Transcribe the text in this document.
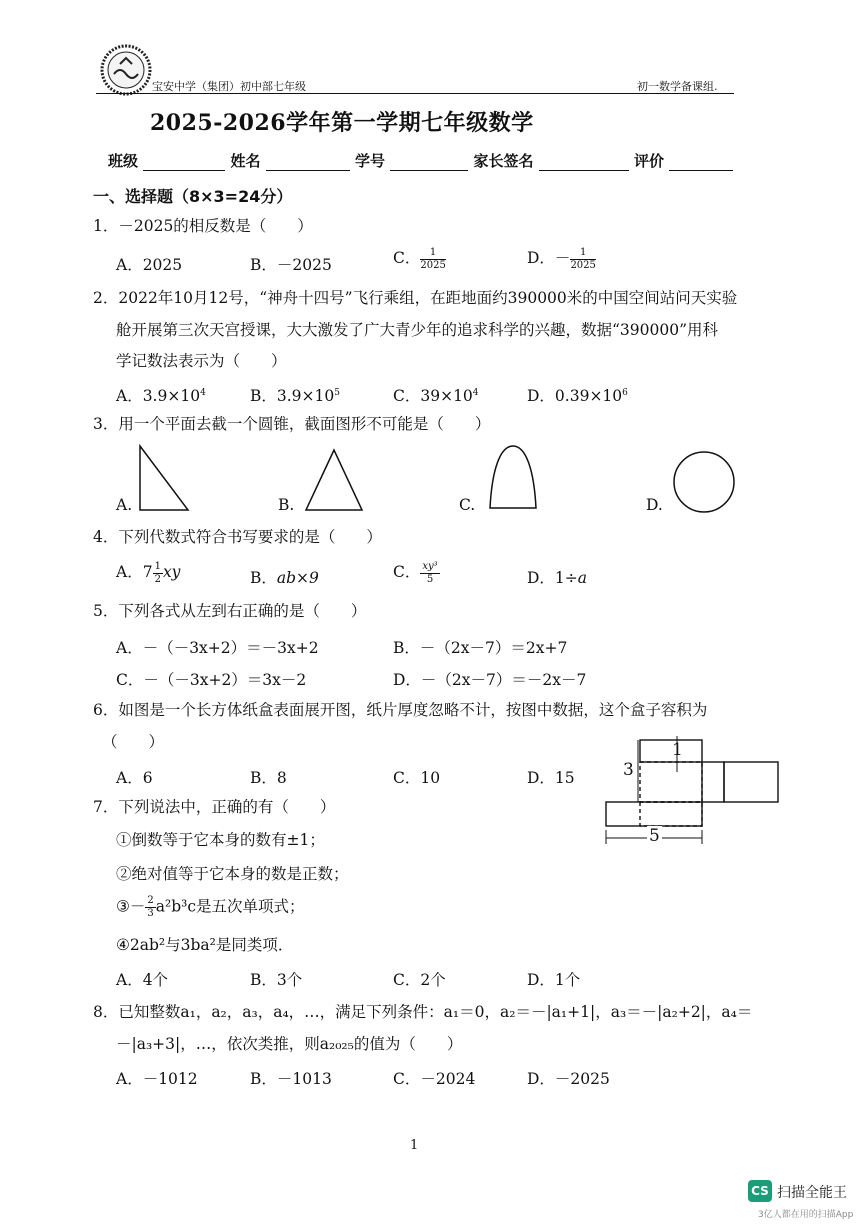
宝安中学（集团）初中部七年级	初一数学备课组.
2025-2026学年第一学期七年级数学
班级	姓名	学号	家长签名	评价
一、选择题（8×3=24分）
1．－2025的相反数是（　　）
A．2025	B．－2025	C． $\frac{1}{2025}$	D．－ $\frac{1}{2025}$
2．2022年10月12号，“神舟十四号”飞行乘组，在距地面约390000米的中国空间站问天实验
舱开展第三次天宫授课，大大激发了广大青少年的追求科学的兴趣，数据“390000”用科
学记数法表示为（　　）
A．$3.9\times 10^4$	B．$3.9\times 10^5$	C．$39\times 10^4$	D．$0.39\times 10^6$
3．用一个平面去截一个圆锥，截面图形不可能是（　　）
A.	B.	C.	D.
4．下列代数式符合书写要求的是（　　）
A．$7 \frac{1}{2}$ xy	B．ab×9	C． $\frac{\text{xy³}}{5}$	D．1÷a
5．下列各式从左到右正确的是（　　）
A．－（－3x+2）＝－3x+2	B．－（2x－7）＝2x+7
C．－（－3x+2）＝3x－2	D．－（2x－7）＝－2x－7
6．如图是一个长方体纸盒表面展开图，纸片厚度忽略不计，按图中数据，这个盒子容积为
（　　）
A．6	B．8	C．10	D．15
1
3
5
7．下列说法中，正确的有（　　）
①倒数等于它本身的数有±1；
②绝对值等于它本身的数是正数；
③－ $\frac{2}{3} a^2b^3c$是五次单项式；
④2ab²与3ba²是同类项．
A．4个	B．3个	C．2个	D．1个
8．已知整数a₁，a₂，a₃，a₄，…，满足下列条件：a₁＝0，a₂＝－|a₁+1|，a₃＝－|a₂+2|，a₄＝
－|a₃+3|，…，依次类推，则a₂₀₂₅的值为（　　）
A．－1012	B．－1013	C．－2024	D．－2025
1
CS 扫描全能王
3亿人都在用的扫描App
